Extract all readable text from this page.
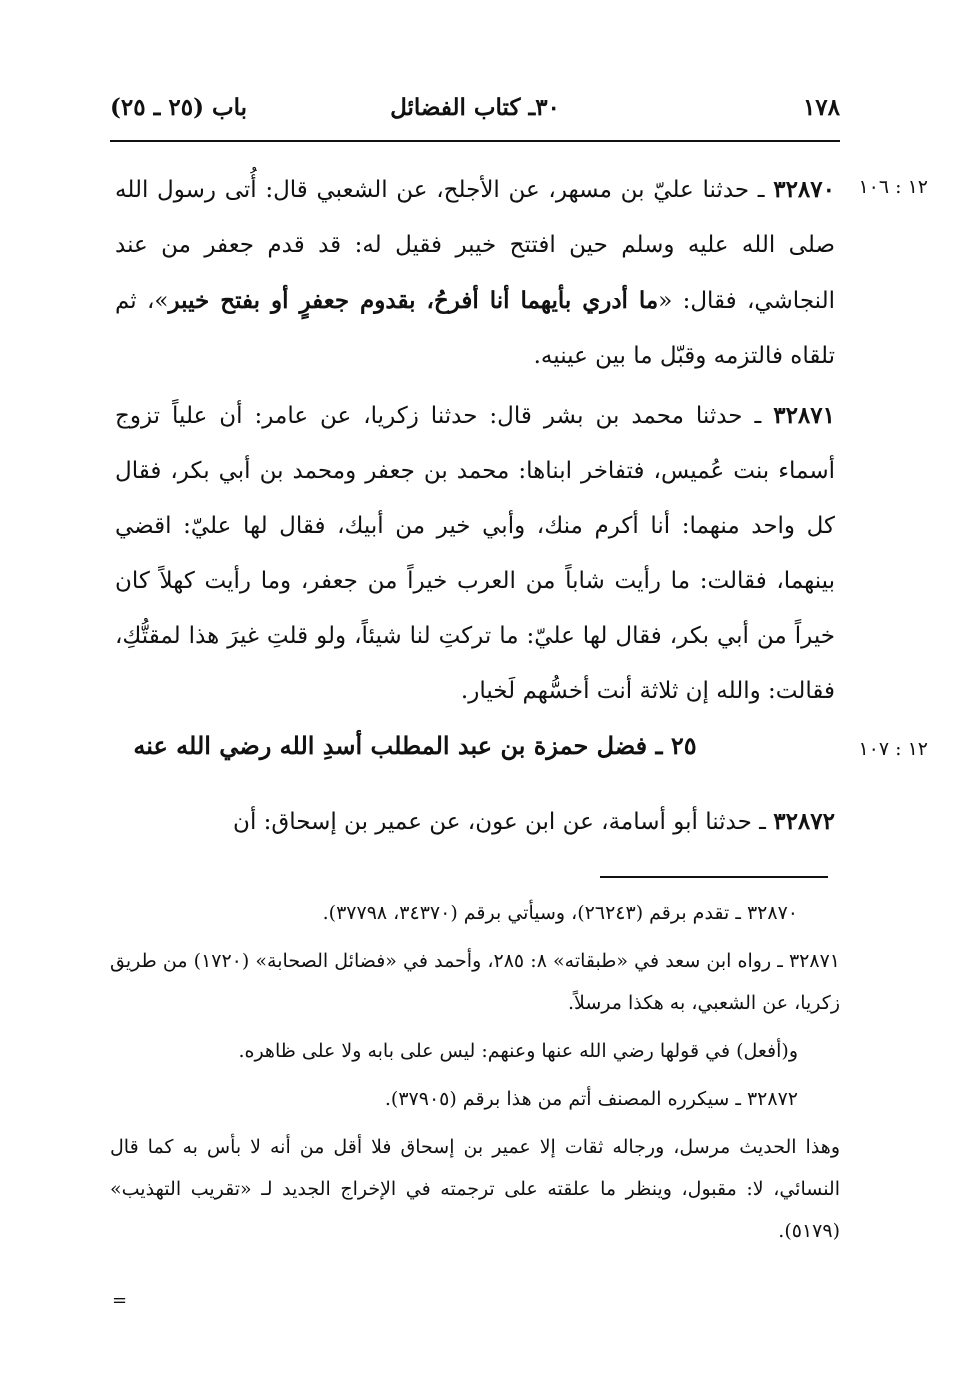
١٧٨
٣٠ـ كتاب الفضائل
باب (٢٥ ـ ٢٥)
١٢ : ١٠٦

٣٢٨٧٠ ـ حدثنا عليّ بن مسهر، عن الأجلح، عن الشعبي قال: أُتى رسول الله صلى الله عليه وسلم حين افتتح خيبر فقيل له: قد قدم جعفر من عند النجاشي، فقال: «ما أدري بأيهما أنا أفرحُ، بقدوم جعفرٍ أو بفتح خيبر»، ثم تلقاه فالتزمه وقبّل ما بين عينيه.

٣٢٨٧١ ـ حدثنا محمد بن بشر قال: حدثنا زكريا، عن عامر: أن علياً تزوج أسماء بنت عُميس، فتفاخر ابناها: محمد بن جعفر ومحمد بن أبي بكر، فقال كل واحد منهما: أنا أكرم منك، وأبي خير من أبيك، فقال لها عليّ: اقضي بينهما، فقالت: ما رأيت شاباً من العرب خيراً من جعفر، وما رأيت كهلاً كان خيراً من أبي بكر، فقال لها عليّ: ما تركتِ لنا شيئاً، ولو قلتِ غيرَ هذا لمقتُّكِ، فقالت: والله إن ثلاثة أنت أخسُّهم لَخيار.

١٢ : ١٠٧
٢٥ ـ فضل حمزة بن عبد المطلب أسدِ الله رضي الله عنه

٣٢٨٧٢ ـ حدثنا أبو أسامة، عن ابن عون، عن عمير بن إسحاق: أن

٣٢٨٧٠ ـ تقدم برقم (٢٦٢٤٣)، وسيأتي برقم (٣٤٣٧٠، ٣٧٧٩٨).

٣٢٨٧١ ـ رواه ابن سعد في «طبقاته» ٨: ٢٨٥، وأحمد في «فضائل الصحابة» (١٧٢٠) من طريق زكريا، عن الشعبي، به هكذا مرسلاً.

و(أفعل) في قولها رضي الله عنها وعنهم: ليس على بابه ولا على ظاهره.

٣٢٨٧٢ ـ سيكرره المصنف أتم من هذا برقم (٣٧٩٠٥).

وهذا الحديث مرسل، ورجاله ثقات إلا عمير بن إسحاق فلا أقل من أنه لا بأس به كما قال النسائي، لا: مقبول، وينظر ما علقته على ترجمته في الإخراج الجديد لـ «تقريب التهذيب» (٥١٧٩).

=
